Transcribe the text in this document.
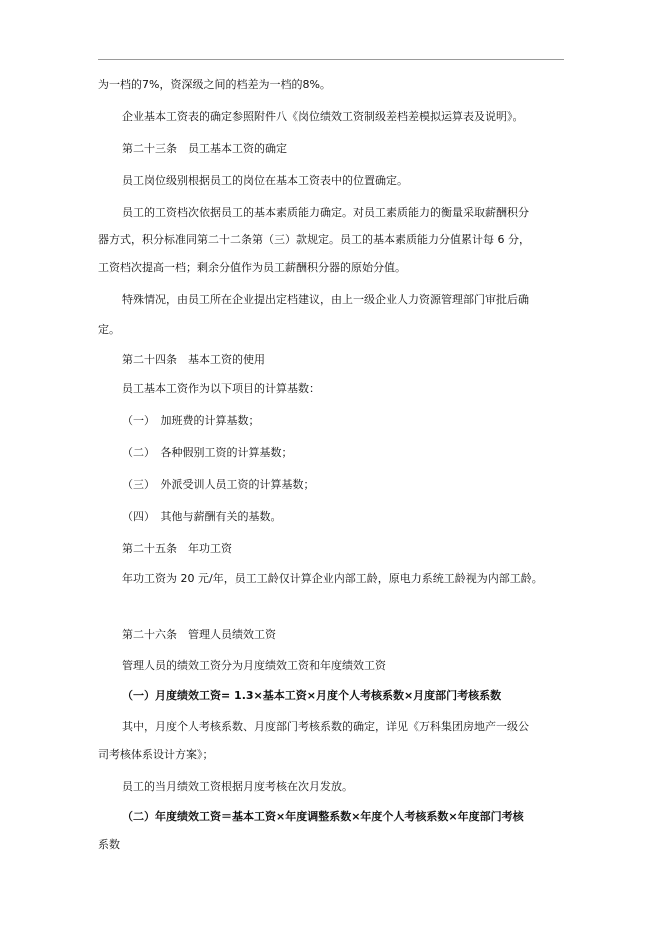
为一档的7%，资深级之间的档差为一档的8%。
企业基本工资表的确定参照附件八《岗位绩效工资制级差档差模拟运算表及说明》。
第二十三条　员工基本工资的确定
员工岗位级别根据员工的岗位在基本工资表中的位置确定。
员工的工资档次依据员工的基本素质能力确定。对员工素质能力的衡量采取薪酬积分
器方式，积分标准同第二十二条第（三）款规定。员工的基本素质能力分值累计每 6 分，
工资档次提高一档；剩余分值作为员工薪酬积分器的原始分值。
特殊情况，由员工所在企业提出定档建议，由上一级企业人力资源管理部门审批后确
定。
第二十四条　基本工资的使用
员工基本工资作为以下项目的计算基数：
（一）　加班费的计算基数；
（二）　各种假别工资的计算基数；
（三）　外派受训人员工资的计算基数；
（四）　其他与薪酬有关的基数。
第二十五条　年功工资
年功工资为 20 元/年，员工工龄仅计算企业内部工龄，原电力系统工龄视为内部工龄。
第二十六条　管理人员绩效工资
管理人员的绩效工资分为月度绩效工资和年度绩效工资
（一）月度绩效工资= 1.3×基本工资×月度个人考核系数×月度部门考核系数
其中，月度个人考核系数、月度部门考核系数的确定，详见《万科集团房地产一级公
司考核体系设计方案》；
员工的当月绩效工资根据月度考核在次月发放。
（二）年度绩效工资＝基本工资×年度调整系数×年度个人考核系数×年度部门考核
系数
